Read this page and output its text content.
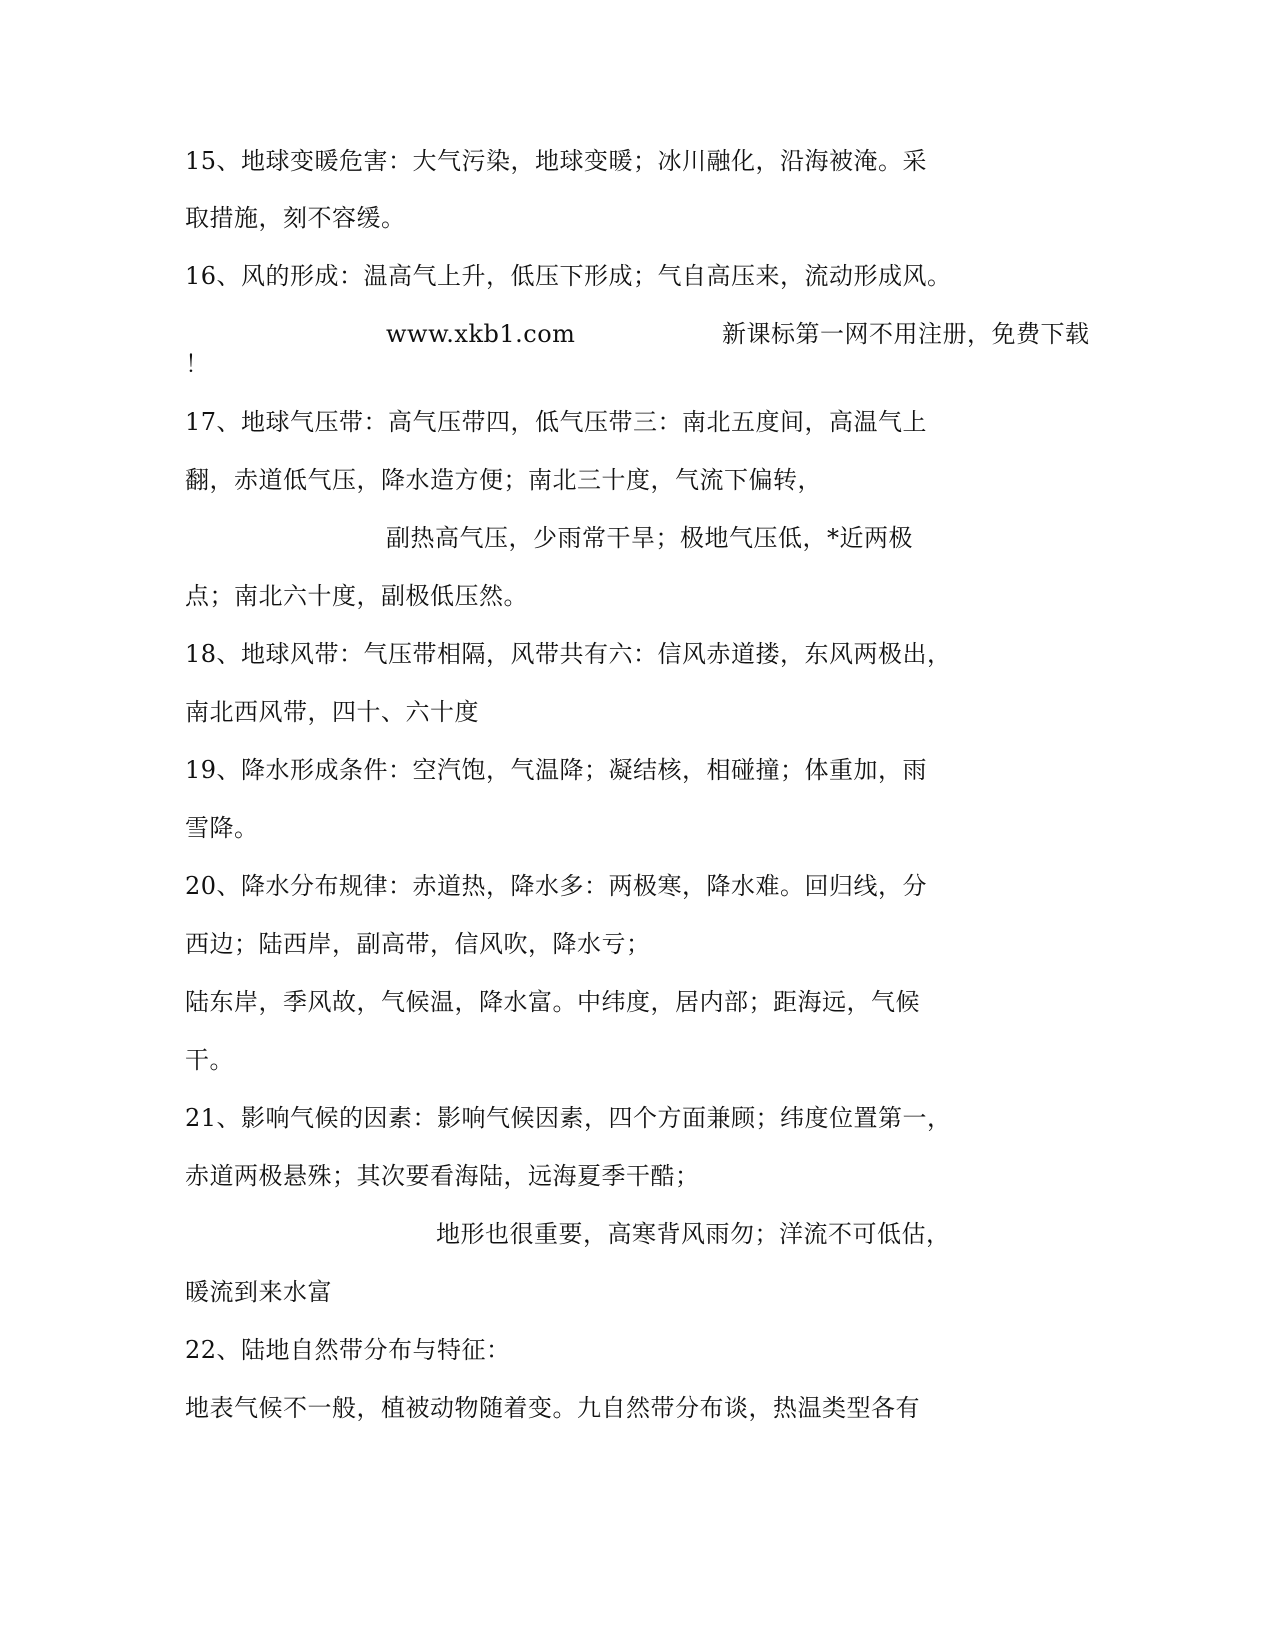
15、地球变暖危害：大气污染，地球变暖；冰川融化，沿海被淹。采
取措施，刻不容缓。
16、风的形成：温高气上升，低压下形成；气自高压来，流动形成风。
www.xkb1.com	新课标第一网不用注册，免费下载
！
17、地球气压带：高气压带四，低气压带三：南北五度间，高温气上
翻，赤道低气压，降水造方便；南北三十度，气流下偏转，
副热高气压，少雨常干旱；极地气压低，*近两极
点；南北六十度，副极低压然。
18、地球风带：气压带相隔，风带共有六：信风赤道搂，东风两极出，
南北西风带，四十、六十度
19、降水形成条件：空汽饱，气温降；凝结核，相碰撞；体重加，雨
雪降。
20、降水分布规律：赤道热，降水多：两极寒，降水难。回归线，分
西边；陆西岸，副高带，信风吹，降水亏；
陆东岸，季风故，气候温，降水富。中纬度，居内部；距海远，气候
干。
21、影响气候的因素：影响气候因素，四个方面兼顾；纬度位置第一，
赤道两极悬殊；其次要看海陆，远海夏季干酷；
地形也很重要，高寒背风雨勿；洋流不可低估，
暖流到来水富
22、陆地自然带分布与特征：
地表气候不一般，植被动物随着变。九自然带分布谈，热温类型各有
